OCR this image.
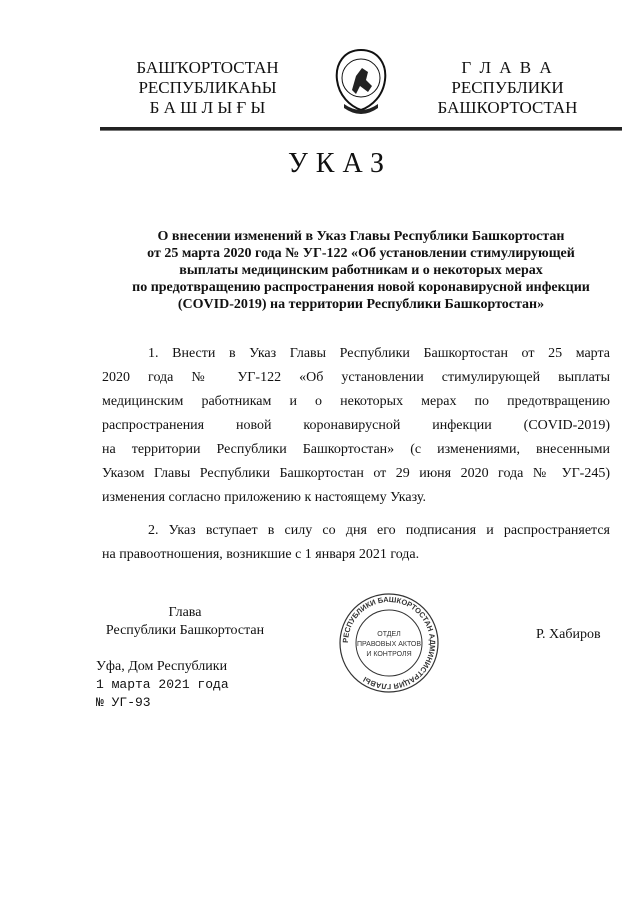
БАШҠОРТОСТАН
РЕСПУБЛИКАҺЫ
Б А Ш Л Ы Ғ Ы
Г Л А В А
РЕСПУБЛИКИ
БАШКОРТОСТАН
УКАЗ
О внесении изменений в Указ Главы Республики Башкортостан
от 25 марта 2020 года № УГ-122 «Об установлении стимулирующей
выплаты медицинским работникам и о некоторых мерах
по предотвращению распространения новой коронавирусной инфекции
(COVID-2019) на территории Республики Башкортостан»
1. Внести в Указ Главы Республики Башкортостан от 25 марта
2020 года № УГ-122 «Об установлении стимулирующей выплаты
медицинским работникам и о некоторых мерах по предотвращению
распространения новой коронавирусной инфекции (COVID-2019)
на территории Республики Башкортостан» (с изменениями, внесенными
Указом Главы Республики Башкортостан от 29 июня 2020 года № УГ-245)
изменения согласно приложению к настоящему Указу.
2. Указ вступает в силу со дня его подписания и распространяется
на правоотношения, возникшие с 1 января 2021 года.
Глава
Республики Башкортостан	Р. Хабиров
Уфа, Дом Республики
1 марта 2021 года
№ УГ-93
РЕСПУБЛИКИ БАШКОРТОСТАН АДМИНИСТРАЦИЯ ГЛАВЫ
ОТДЕЛ
ПРАВОВЫХ АКТОВ
И КОНТРОЛЯ
